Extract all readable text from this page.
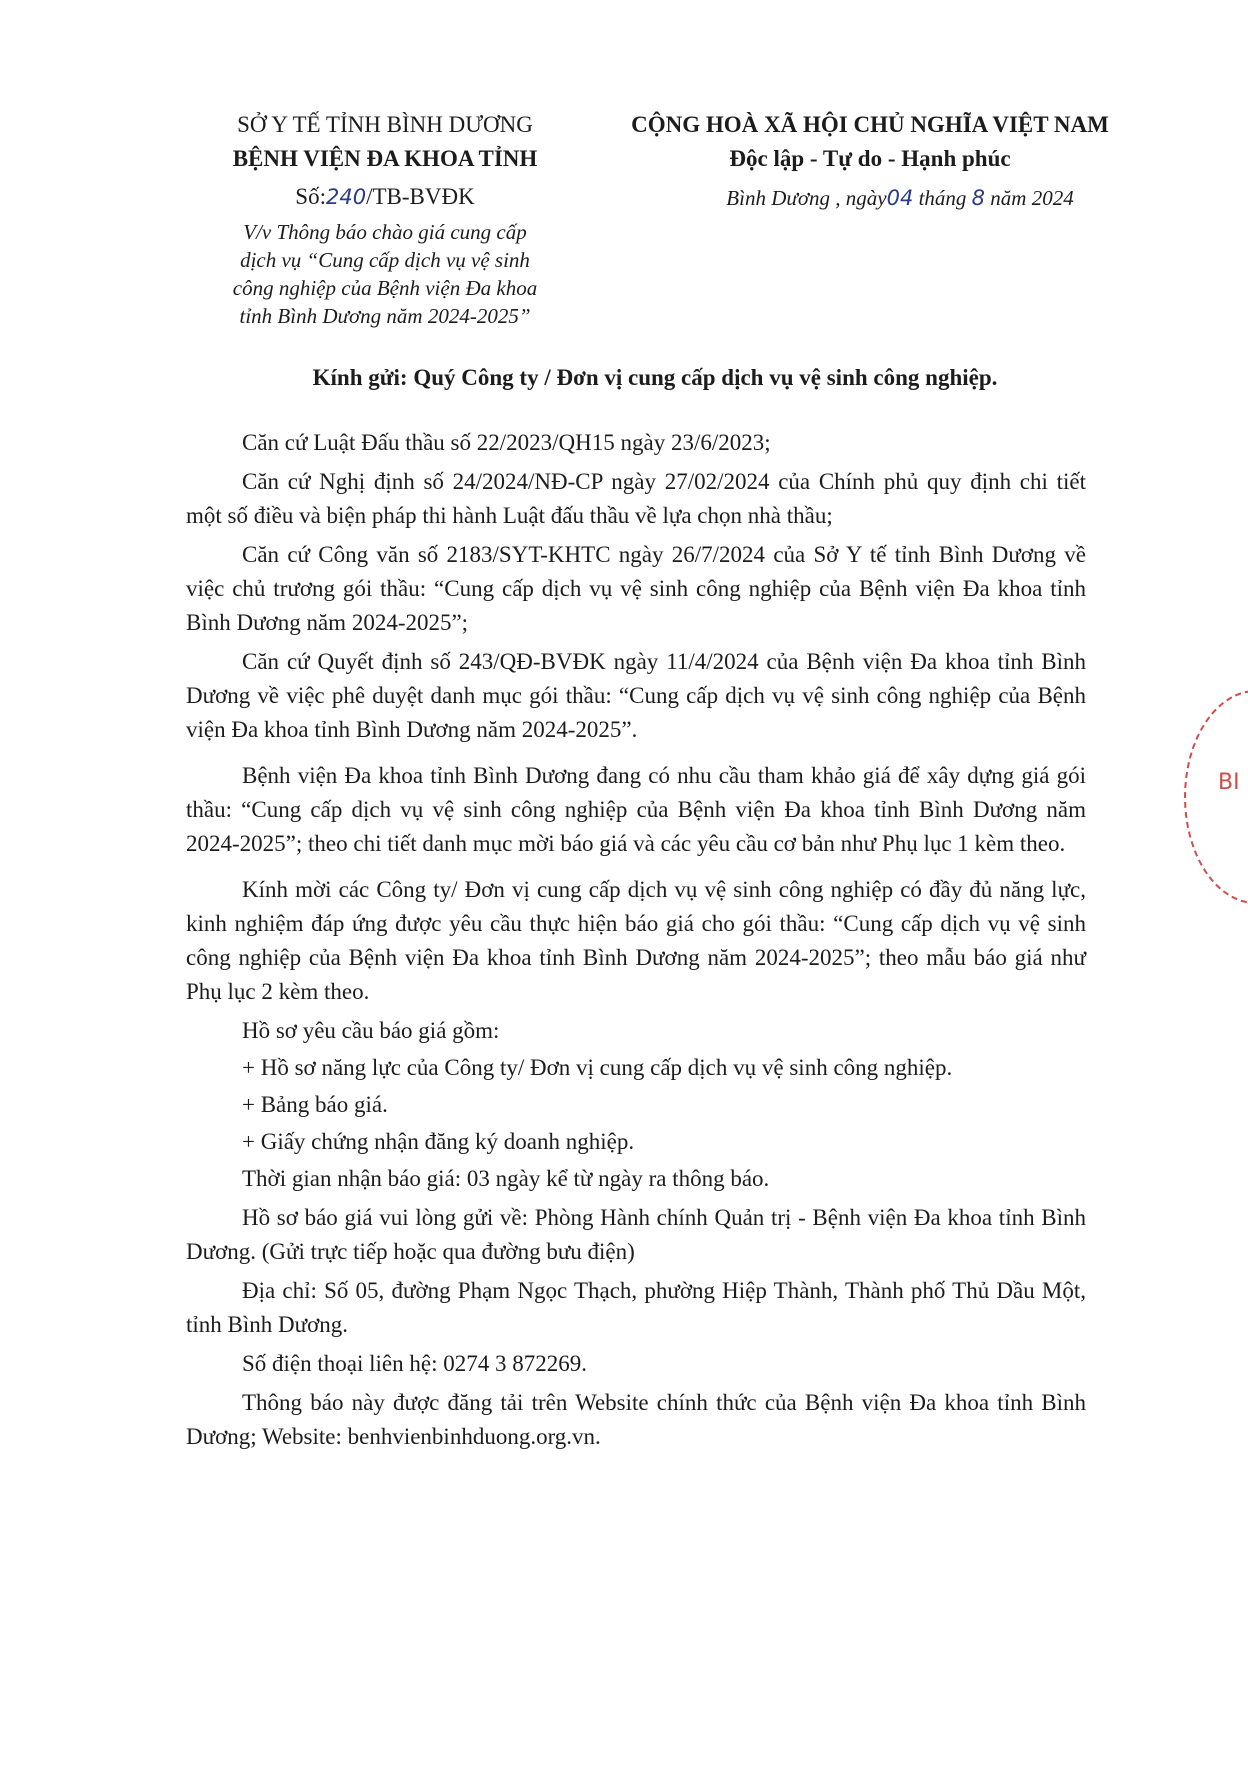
SỞ Y TẾ TỈNH BÌNH DƯƠNG
BỆNH VIỆN ĐA KHOA TỈNH
Số:240/TB-BVĐK
V/v Thông báo chào giá cung cấp
dịch vụ “Cung cấp dịch vụ vệ sinh
công nghiệp của Bệnh viện Đa khoa
tỉnh Bình Dương năm 2024-2025”
CỘNG HOÀ XÃ HỘI CHỦ NGHĨA VIỆT NAM
Độc lập - Tự do - Hạnh phúc
Bình Dương , ngày04 tháng 8 năm 2024
Kính gửi: Quý Công ty / Đơn vị cung cấp dịch vụ vệ sinh công nghiệp.

Căn cứ Luật Đấu thầu số 22/2023/QH15 ngày 23/6/2023;

Căn cứ Nghị định số 24/2024/NĐ-CP ngày 27/02/2024 của Chính phủ quy định chi tiết một số điều và biện pháp thi hành Luật đấu thầu về lựa chọn nhà thầu;

Căn cứ Công văn số 2183/SYT-KHTC ngày 26/7/2024 của Sở Y tế tỉnh Bình Dương về việc chủ trương gói thầu: “Cung cấp dịch vụ vệ sinh công nghiệp của Bệnh viện Đa khoa tỉnh Bình Dương năm 2024-2025”;

Căn cứ Quyết định số 243/QĐ-BVĐK ngày 11/4/2024 của Bệnh viện Đa khoa tỉnh Bình Dương về việc phê duyệt danh mục gói thầu: “Cung cấp dịch vụ vệ sinh công nghiệp của Bệnh viện Đa khoa tỉnh Bình Dương năm 2024-2025”.

Bệnh viện Đa khoa tỉnh Bình Dương đang có nhu cầu tham khảo giá để xây dựng giá gói thầu: “Cung cấp dịch vụ vệ sinh công nghiệp của Bệnh viện Đa khoa tỉnh Bình Dương năm 2024-2025”; theo chi tiết danh mục mời báo giá và các yêu cầu cơ bản như Phụ lục 1 kèm theo.

Kính mời các Công ty/ Đơn vị cung cấp dịch vụ vệ sinh công nghiệp có đầy đủ năng lực, kinh nghiệm đáp ứng được yêu cầu thực hiện báo giá cho gói thầu: “Cung cấp dịch vụ vệ sinh công nghiệp của Bệnh viện Đa khoa tỉnh Bình Dương năm 2024-2025”; theo mẫu báo giá như Phụ lục 2 kèm theo.

Hồ sơ yêu cầu báo giá gồm:

+ Hồ sơ năng lực của Công ty/ Đơn vị cung cấp dịch vụ vệ sinh công nghiệp.

+ Bảng báo giá.

+ Giấy chứng nhận đăng ký doanh nghiệp.

Thời gian nhận báo giá: 03 ngày kể từ ngày ra thông báo.

Hồ sơ báo giá vui lòng gửi về: Phòng Hành chính Quản trị - Bệnh viện Đa khoa tỉnh Bình Dương. (Gửi trực tiếp hoặc qua đường bưu điện)

Địa chỉ: Số 05, đường Phạm Ngọc Thạch, phường Hiệp Thành, Thành phố Thủ Dầu Một, tỉnh Bình Dương.

Số điện thoại liên hệ: 0274 3 872269.

Thông báo này được đăng tải trên Website chính thức của Bệnh viện Đa khoa tỉnh Bình Dương; Website: benhvienbinhduong.org.vn.

BI
